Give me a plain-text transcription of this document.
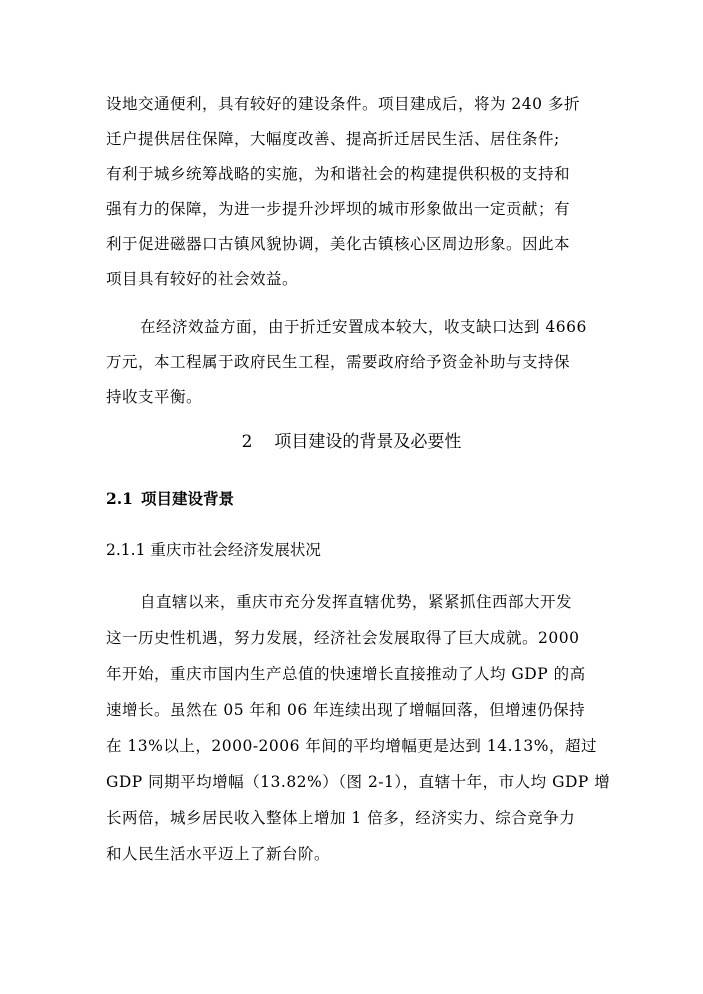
设地交通便利，具有较好的建设条件。项目建成后，将为 240 多折
迁户提供居住保障，大幅度改善、提高折迁居民生活、居住条件;
有利于城乡统筹战略的实施，为和谐社会的构建提供积极的支持和
强有力的保障，为进一步提升沙坪坝的城市形象做出一定贡献；有
利于促进磁器口古镇风貌协调，美化古镇核心区周边形象。因此本
项目具有较好的社会效益。
在经济效益方面，由于折迁安置成本较大，收支缺口达到 4666
万元，本工程属于政府民生工程，需要政府给予资金补助与支持保
持收支平衡。
2 项目建设的背景及必要性
2.1 项目建设背景
2.1.1 重庆市社会经济发展状况
自直辖以来，重庆市充分发挥直辖优势，紧紧抓住西部大开发
这一历史性机遇，努力发展，经济社会发展取得了巨大成就。2000
年开始，重庆市国内生产总值的快速增长直接推动了人均 GDP 的高
速增长。虽然在 05 年和 06 年连续出现了增幅回落，但增速仍保持
在 13%以上，2000-2006 年间的平均增幅更是达到 14.13%，超过
GDP 同期平均增幅（13.82%）（图 2-1），直辖十年，市人均 GDP 增
长两倍，城乡居民收入整体上增加 1 倍多，经济实力、综合竞争力
和人民生活水平迈上了新台阶。
